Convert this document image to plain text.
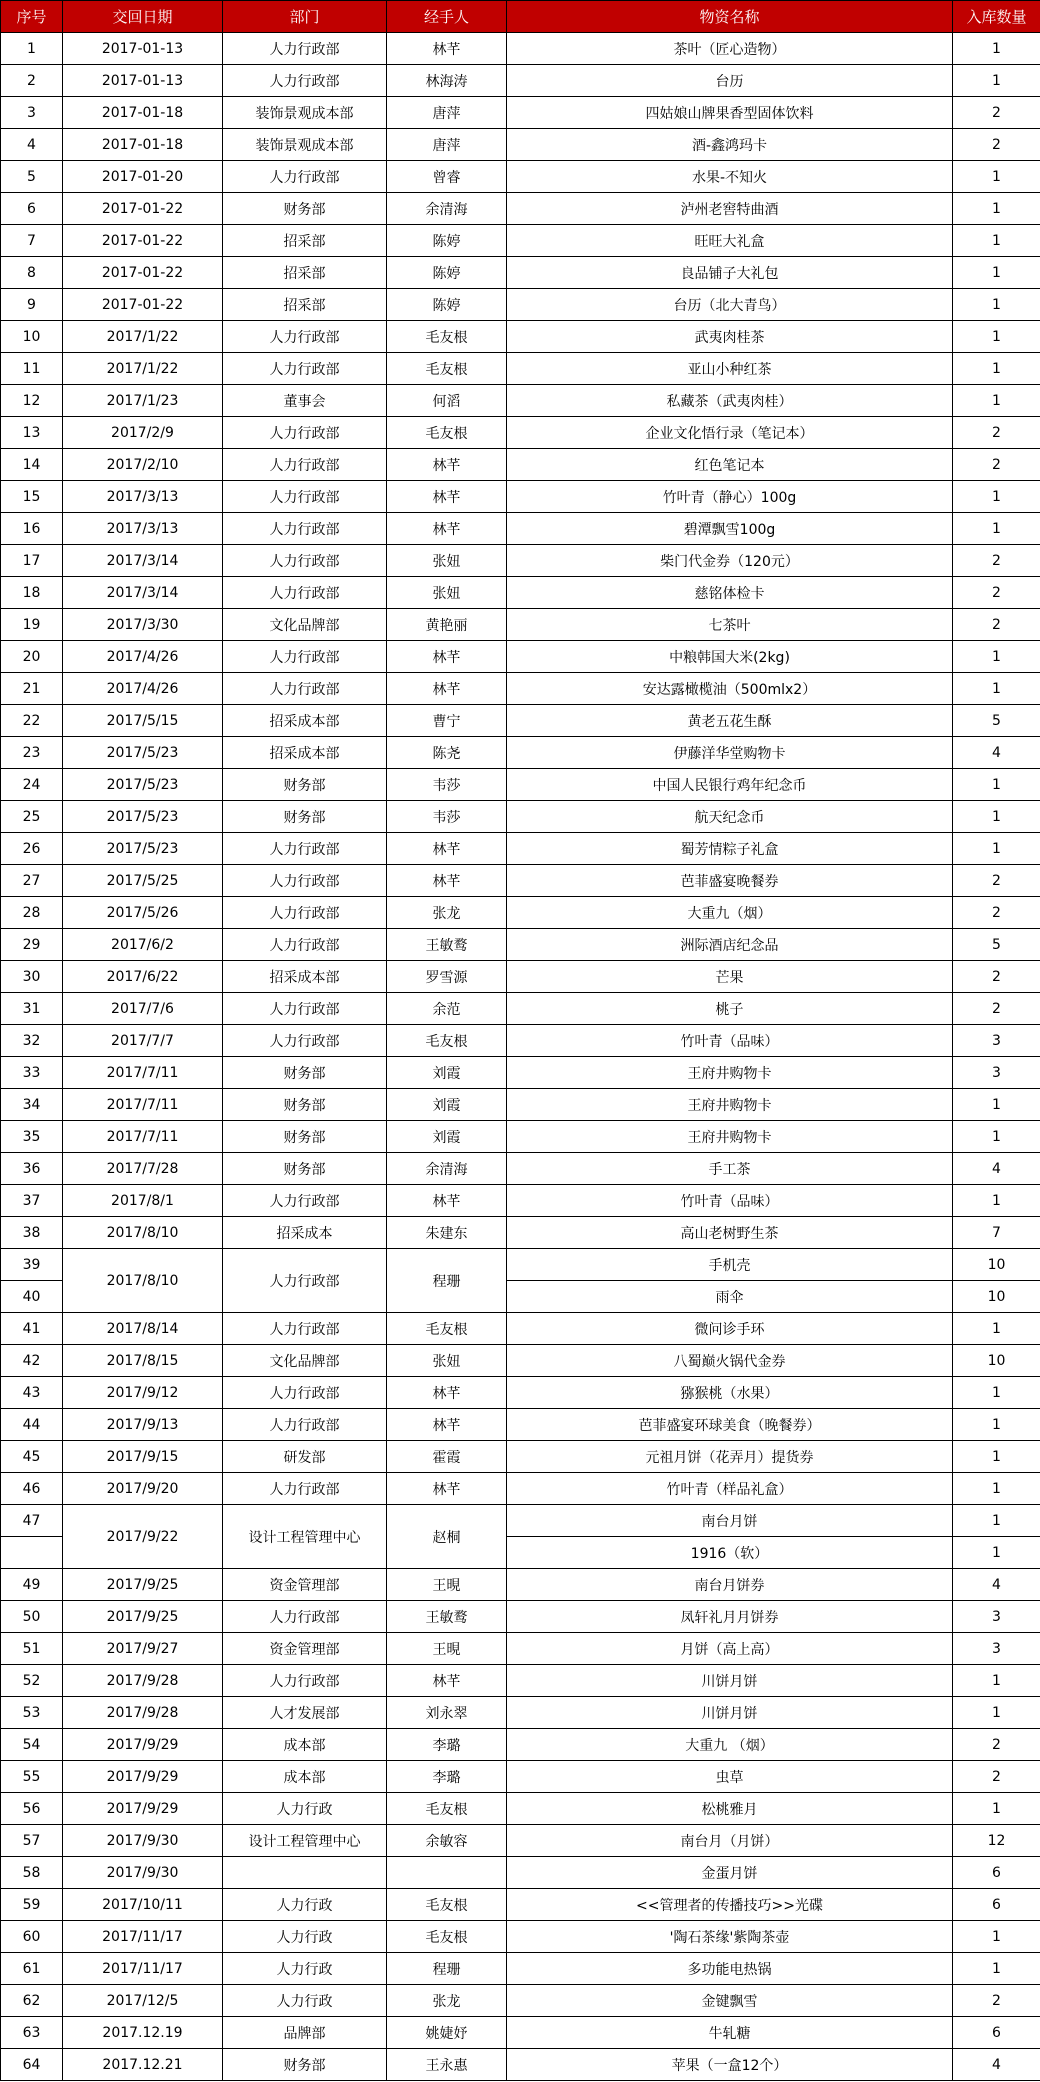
序号	交回日期	部门	经手人	物资名称	入库数量
1	2017-01-13	人力行政部	林芊	茶叶（匠心造物）	1
2	2017-01-13	人力行政部	林海涛	台历	1
3	2017-01-18	装饰景观成本部	唐萍	四姑娘山牌果香型固体饮料	2
4	2017-01-18	装饰景观成本部	唐萍	酒-鑫鸿玛卡	2
5	2017-01-20	人力行政部	曾睿	水果-不知火	1
6	2017-01-22	财务部	余清海	泸州老窖特曲酒	1
7	2017-01-22	招采部	陈婷	旺旺大礼盒	1
8	2017-01-22	招采部	陈婷	良品铺子大礼包	1
9	2017-01-22	招采部	陈婷	台历（北大青鸟）	1
10	2017/1/22	人力行政部	毛友根	武夷肉桂茶	1
11	2017/1/22	人力行政部	毛友根	亚山小种红茶	1
12	2017/1/23	董事会	何滔	私藏茶（武夷肉桂）	1
13	2017/2/9	人力行政部	毛友根	企业文化悟行录（笔记本）	2
14	2017/2/10	人力行政部	林芊	红色笔记本	2
15	2017/3/13	人力行政部	林芊	竹叶青（静心）100g	1
16	2017/3/13	人力行政部	林芊	碧潭飘雪100g	1
17	2017/3/14	人力行政部	张妞	柴门代金券（120元）	2
18	2017/3/14	人力行政部	张妞	慈铭体检卡	2
19	2017/3/30	文化品牌部	黄艳丽	七茶叶	2
20	2017/4/26	人力行政部	林芊	中粮韩国大米(2kg)	1
21	2017/4/26	人力行政部	林芊	安达露橄榄油（500mlx2）	1
22	2017/5/15	招采成本部	曹宁	黄老五花生酥	5
23	2017/5/23	招采成本部	陈尧	伊藤洋华堂购物卡	4
24	2017/5/23	财务部	韦莎	中国人民银行鸡年纪念币	1
25	2017/5/23	财务部	韦莎	航天纪念币	1
26	2017/5/23	人力行政部	林芊	蜀芳情粽子礼盒	1
27	2017/5/25	人力行政部	林芊	芭菲盛宴晚餐券	2
28	2017/5/26	人力行政部	张龙	大重九（烟）	2
29	2017/6/2	人力行政部	王敏鹜	洲际酒店纪念品	5
30	2017/6/22	招采成本部	罗雪源	芒果	2
31	2017/7/6	人力行政部	余范	桃子	2
32	2017/7/7	人力行政部	毛友根	竹叶青（品味）	3
33	2017/7/11	财务部	刘霞	王府井购物卡	3
34	2017/7/11	财务部	刘霞	王府井购物卡	1
35	2017/7/11	财务部	刘霞	王府井购物卡	1
36	2017/7/28	财务部	余清海	手工茶	4
37	2017/8/1	人力行政部	林芊	竹叶青（品味）	1
38	2017/8/10	招采成本	朱建东	高山老树野生茶	7
39	2017/8/10	人力行政部	程珊	手机壳	10
40				雨伞	10
41	2017/8/14	人力行政部	毛友根	微问诊手环	1
42	2017/8/15	文化品牌部	张妞	八蜀巅火锅代金券	10
43	2017/9/12	人力行政部	林芊	猕猴桃（水果）	1
44	2017/9/13	人力行政部	林芊	芭菲盛宴环球美食（晚餐券）	1
45	2017/9/15	研发部	霍霞	元祖月饼（花弄月）提货券	1
46	2017/9/20	人力行政部	林芊	竹叶青（样品礼盒）	1
47	2017/9/22	设计工程管理中心	赵桐	南台月饼	1
				1916（软）	1
49	2017/9/25	资金管理部	王晛	南台月饼券	4
50	2017/9/25	人力行政部	王敏鹜	凤轩礼月月饼券	3
51	2017/9/27	资金管理部	王晛	月饼（高上高）	3
52	2017/9/28	人力行政部	林芊	川饼月饼	1
53	2017/9/28	人才发展部	刘永翠	川饼月饼	1
54	2017/9/29	成本部	李璐	大重九 （烟）	2
55	2017/9/29	成本部	李璐	虫草	2
56	2017/9/29	人力行政	毛友根	松桃雅月	1
57	2017/9/30	设计工程管理中心	余敏容	南台月（月饼）	12
58	2017/9/30			金蛋月饼	6
59	2017/10/11	人力行政	毛友根	<<管理者的传播技巧>>光碟	6
60	2017/11/17	人力行政	毛友根	'陶石茶缘'紫陶茶壶	1
61	2017/11/17	人力行政	程珊	多功能电热锅	1
62	2017/12/5	人力行政	张龙	金键飘雪	2
63	2017.12.19	品牌部	姚婕妤	牛轧糖	6
64	2017.12.21	财务部	王永惠	苹果（一盒12个）	4
